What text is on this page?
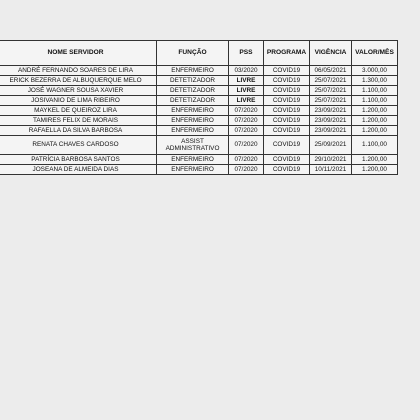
NOME SERVIDOR	FUNÇÃO	PSS	PROGRAMA	VIGÊNCIA	VALOR/MÊS
ANDRÉ FERNANDO SOARES DE LIRA	ENFERMEIRO	03/2020	COVID19	06/05/2021	3.000,00
ERICK BEZERRA DE ALBUQUERQUE MELO	DETETIZADOR	LIVRE	COVID19	25/07/2021	1.300,00
JOSÉ WAGNER SOUSA XAVIER	DETETIZADOR	LIVRE	COVID19	25/07/2021	1.100,00
JOSIVANIO DE LIMA RIBEIRO	DETETIZADOR	LIVRE	COVID19	25/07/2021	1.100,00
MAYKEL DE QUEIROZ LIRA	ENFERMEIRO	07/2020	COVID19	23/09/2021	1.200,00
TAMIRES FELIX DE MORAIS	ENFERMEIRO	07/2020	COVID19	23/09/2021	1.200,00
RAFAELLA DA SILVA BARBOSA	ENFERMEIRO	07/2020	COVID19	23/09/2021	1.200,00
RENATA CHAVES CARDOSO	ASSIST ADMINISTRATIVO	07/2020	COVID19	25/09/2021	1.100,00
PATRÍCIA BARBOSA SANTOS	ENFERMEIRO	07/2020	COVID19	29/10/2021	1.200,00
JOSEANA DE ALMEIDA DIAS	ENFERMEIRO	07/2020	COVID19	10/11/2021	1.200,00
